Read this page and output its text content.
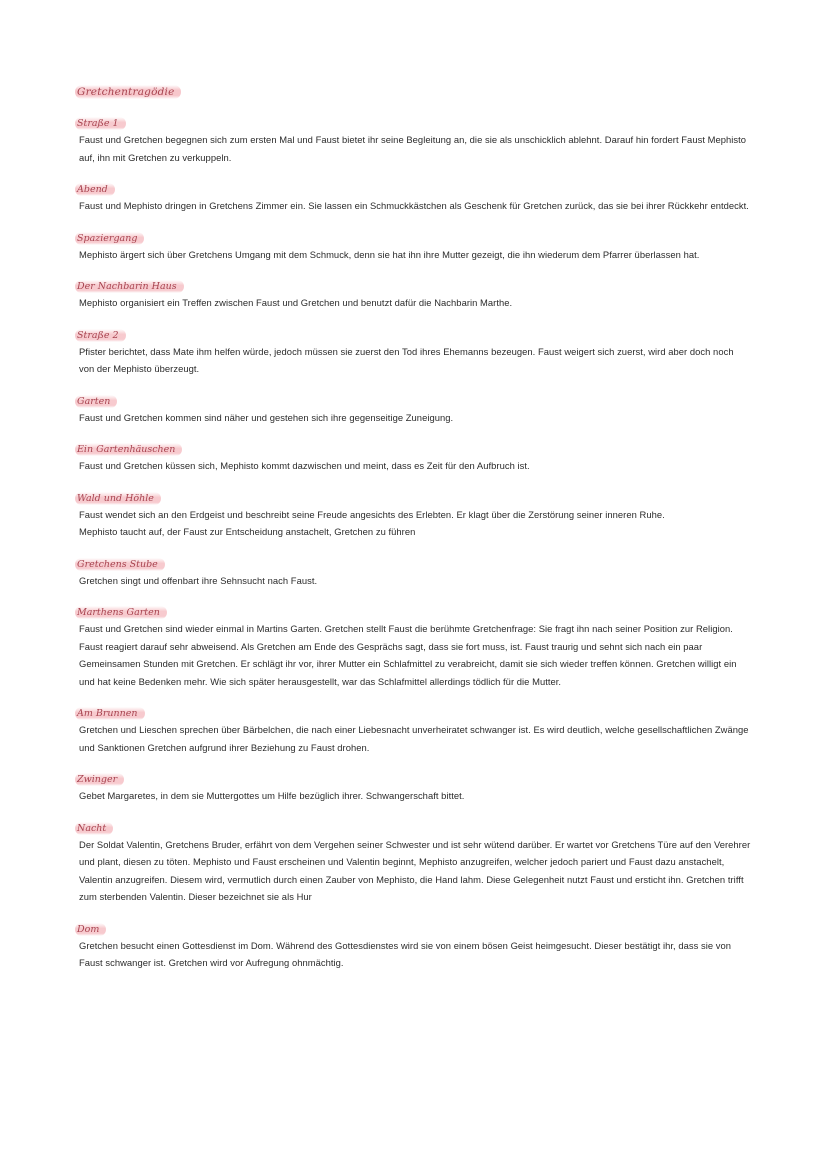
Gretchentragödie
Straße 1

Faust und Gretchen begegnen sich zum ersten Mal und Faust bietet ihr seine Begleitung an, die sie als unschicklich ablehnt. Darauf hin fordert Faust Mephisto auf, ihn mit Gretchen zu verkuppeln.

Abend

Faust und Mephisto dringen in Gretchens Zimmer ein. Sie lassen ein Schmuckkästchen als Geschenk für Gretchen zurück, das sie bei ihrer Rückkehr entdeckt.

Spaziergang

Mephisto ärgert sich über Gretchens Umgang mit dem Schmuck, denn sie hat ihn ihre Mutter gezeigt, die ihn wiederum dem Pfarrer überlassen hat.

Der Nachbarin Haus

Mephisto organisiert ein Treffen zwischen Faust und Gretchen und benutzt dafür die Nachbarin Marthe.

Straße 2

Pfister berichtet, dass Mate ihm helfen würde, jedoch müssen sie zuerst den Tod ihres Ehemanns bezeugen. Faust weigert sich zuerst, wird aber doch noch von der Mephisto überzeugt.

Garten

Faust und Gretchen kommen sind näher und gestehen sich ihre gegenseitige Zuneigung.

Ein Gartenhäuschen

Faust und Gretchen küssen sich, Mephisto kommt dazwischen und meint, dass es Zeit für den Aufbruch ist.

Wald und Höhle

Faust wendet sich an den Erdgeist und beschreibt seine Freude angesichts des Erlebten. Er klagt über die Zerstörung seiner inneren Ruhe.
Mephisto taucht auf, der Faust zur Entscheidung anstachelt, Gretchen zu führen

Gretchens Stube

Gretchen singt und offenbart ihre Sehnsucht nach Faust.

Marthens Garten

Faust und Gretchen sind wieder einmal in Martins Garten. Gretchen stellt Faust die berühmte Gretchenfrage: Sie fragt ihn nach seiner Position zur Religion. Faust reagiert darauf sehr abweisend. Als Gretchen am Ende des Gesprächs sagt, dass sie fort muss, ist. Faust traurig und sehnt sich nach ein paar Gemeinsamen Stunden mit Gretchen. Er schlägt ihr vor, ihrer Mutter ein Schlafmittel zu verabreicht, damit sie sich wieder treffen können. Gretchen willigt ein und hat keine Bedenken mehr. Wie sich später herausgestellt, war das Schlafmittel allerdings tödlich für die Mutter.

Am Brunnen

Gretchen und Lieschen sprechen über Bärbelchen, die nach einer Liebesnacht unverheiratet schwanger ist. Es wird deutlich, welche gesellschaftlichen Zwänge und Sanktionen Gretchen aufgrund ihrer Beziehung zu Faust drohen.

Zwinger

Gebet Margaretes, in dem sie Muttergottes um Hilfe bezüglich ihrer. Schwangerschaft bittet.

Nacht

Der Soldat Valentin, Gretchens Bruder, erfährt von dem Vergehen seiner Schwester und ist sehr wütend darüber. Er wartet vor Gretchens Türe auf den Verehrer und plant, diesen zu töten. Mephisto und Faust erscheinen und Valentin beginnt, Mephisto anzugreifen, welcher jedoch pariert und Faust dazu anstachelt, Valentin anzugreifen. Diesem wird, vermutlich durch einen Zauber von Mephisto, die Hand lahm. Diese Gelegenheit nutzt Faust und ersticht ihn. Gretchen trifft zum sterbenden Valentin. Dieser bezeichnet sie als Hur

Dom

Gretchen besucht einen Gottesdienst im Dom. Während des Gottesdienstes wird sie von einem bösen Geist heimgesucht. Dieser bestätigt ihr, dass sie von Faust schwanger ist. Gretchen wird vor Aufregung ohnmächtig.
